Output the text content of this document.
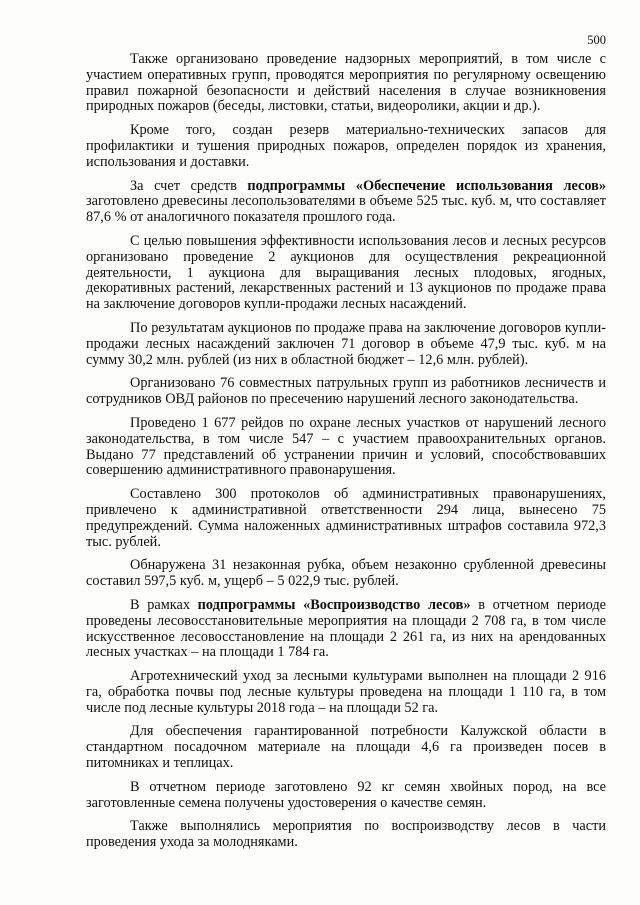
500

Также организовано проведение надзорных мероприятий, в том числе с участием оперативных групп, проводятся мероприятия по регулярному освещению правил пожарной безопасности и действий населения в случае возникновения природных пожаров (беседы, листовки, статьи, видеоролики, акции и др.).

Кроме того, создан резерв материально-технических запасов для профилактики и тушения природных пожаров, определен порядок из хранения, использования и доставки.

За счет средств подпрограммы «Обеспечение использования лесов» заготовлено древесины лесопользователями в объеме 525 тыс. куб. м, что составляет 87,6 % от аналогичного показателя прошлого года.

С целью повышения эффективности использования лесов и лесных ресурсов организовано проведение 2 аукционов для осуществления рекреационной деятельности, 1 аукциона для выращивания лесных плодовых, ягодных, декоративных растений, лекарственных растений и 13 аукционов по продаже права на заключение договоров купли-продажи лесных насаждений.

По результатам аукционов по продаже права на заключение договоров купли-продажи лесных насаждений заключен 71 договор в объеме 47,9 тыс. куб. м на сумму 30,2 млн. рублей (из них в областной бюджет – 12,6 млн. рублей).

Организовано 76 совместных патрульных групп из работников лесничеств и сотрудников ОВД районов по пресечению нарушений лесного законодательства.

Проведено 1 677 рейдов по охране лесных участков от нарушений лесного законодательства, в том числе 547 – с участием правоохранительных органов. Выдано 77 представлений об устранении причин и условий, способствовавших совершению административного правонарушения.

Составлено 300 протоколов об административных правонарушениях, привлечено к административной ответственности 294 лица, вынесено 75 предупреждений. Сумма наложенных административных штрафов составила 972,3 тыс. рублей.

Обнаружена 31 незаконная рубка, объем незаконно срубленной древесины составил 597,5 куб. м, ущерб – 5 022,9 тыс. рублей.

В рамках подпрограммы «Воспроизводство лесов» в отчетном периоде проведены лесовосстановительные мероприятия на площади 2 708 га, в том числе искусственное лесовосстановление на площади 2 261 га, из них на арендованных лесных участках – на площади 1 784 га.

Агротехнический уход за лесными культурами выполнен на площади 2 916 га, обработка почвы под лесные культуры проведена на площади 1 110 га, в том числе под лесные культуры 2018 года – на площади 52 га.

Для обеспечения гарантированной потребности Калужской области в стандартном посадочном материале на площади 4,6 га произведен посев в питомниках и теплицах.

В отчетном периоде заготовлено 92 кг семян хвойных пород, на все заготовленные семена получены удостоверения о качестве семян.

Также выполнялись мероприятия по воспроизводству лесов в части проведения ухода за молодняками.
